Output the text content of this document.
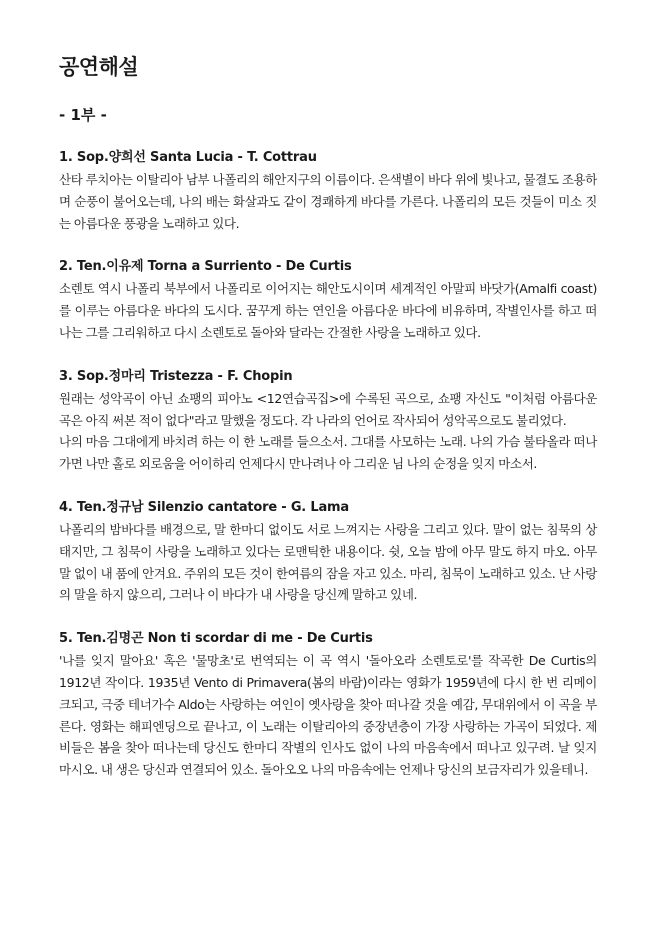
공연해설
- 1부 -
1. Sop.양희선 Santa Lucia - T. Cottrau

산타 루치아는 이탈리아 남부 나폴리의 해안지구의 이름이다. 은색별이 바다 위에 빛나고, 물결도 조용하며 순풍이 불어오는데, 나의 배는 화살과도 같이 경쾌하게 바다를 가른다. 나폴리의 모든 것들이 미소 짓는 아름다운 풍광을 노래하고 있다.

2. Ten.이유제 Torna a Surriento - De Curtis

소렌토 역시 나폴리 북부에서 나폴리로 이어지는 해안도시이며 세계적인 아말피 바닷가(Amalfi coast)를 이루는 아름다운 바다의 도시다. 꿈꾸게 하는 연인을 아름다운 바다에 비유하며, 작별인사를 하고 떠나는 그를 그리워하고 다시 소렌토로 돌아와 달라는 간절한 사랑을 노래하고 있다.

3. Sop.정마리 Tristezza - F. Chopin

원래는 성악곡이 아닌 쇼팽의 피아노 <12연습곡집>에 수록된 곡으로, 쇼팽 자신도 "이처럼 아름다운 곡은 아직 써본 적이 없다"라고 말했을 정도다. 각 나라의 언어로 작사되어 성악곡으로도 불리었다.

나의 마음 그대에게 바치려 하는 이 한 노래를 들으소서. 그대를 사모하는 노래. 나의 가슴 불타올라 떠나가면 나만 홀로 외로움을 어이하리 언제다시 만나려나 아 그리운 님 나의 순정을 잊지 마소서.

4. Ten.정규남 Silenzio cantatore - G. Lama

나폴리의 밤바다를 배경으로, 말 한마디 없이도 서로 느껴지는 사랑을 그리고 있다. 말이 없는 침묵의 상태지만, 그 침묵이 사랑을 노래하고 있다는 로맨틱한 내용이다. 쉿, 오늘 밤에 아무 말도 하지 마오. 아무 말 없이 내 품에 안겨요. 주위의 모든 것이 한여름의 잠을 자고 있소. 마리, 침묵이 노래하고 있소. 난 사랑의 말을 하지 않으리, 그러나 이 바다가 내 사랑을 당신께 말하고 있네.

5. Ten.김명곤 Non ti scordar di me - De Curtis

'나를 잊지 말아요' 혹은 '물망초'로 번역되는 이 곡 역시 '돌아오라 소렌토로'를 작곡한 De Curtis의 1912년 작이다. 1935년 Vento di Primavera(봄의 바람)이라는 영화가 1959년에 다시 한 번 리메이크되고, 극중 테너가수 Aldo는 사랑하는 여인이 옛사랑을 찾아 떠나갈 것을 예감, 무대위에서 이 곡을 부른다. 영화는 해피엔딩으로 끝나고, 이 노래는 이탈리아의 중장년층이 가장 사랑하는 가곡이 되었다. 제비들은 봄을 찾아 떠나는데 당신도 한마디 작별의 인사도 없이 나의 마음속에서 떠나고 있구려. 날 잊지 마시오. 내 생은 당신과 연결되어 있소. 돌아오오 나의 마음속에는 언제나 당신의 보금자리가 있을테니.
